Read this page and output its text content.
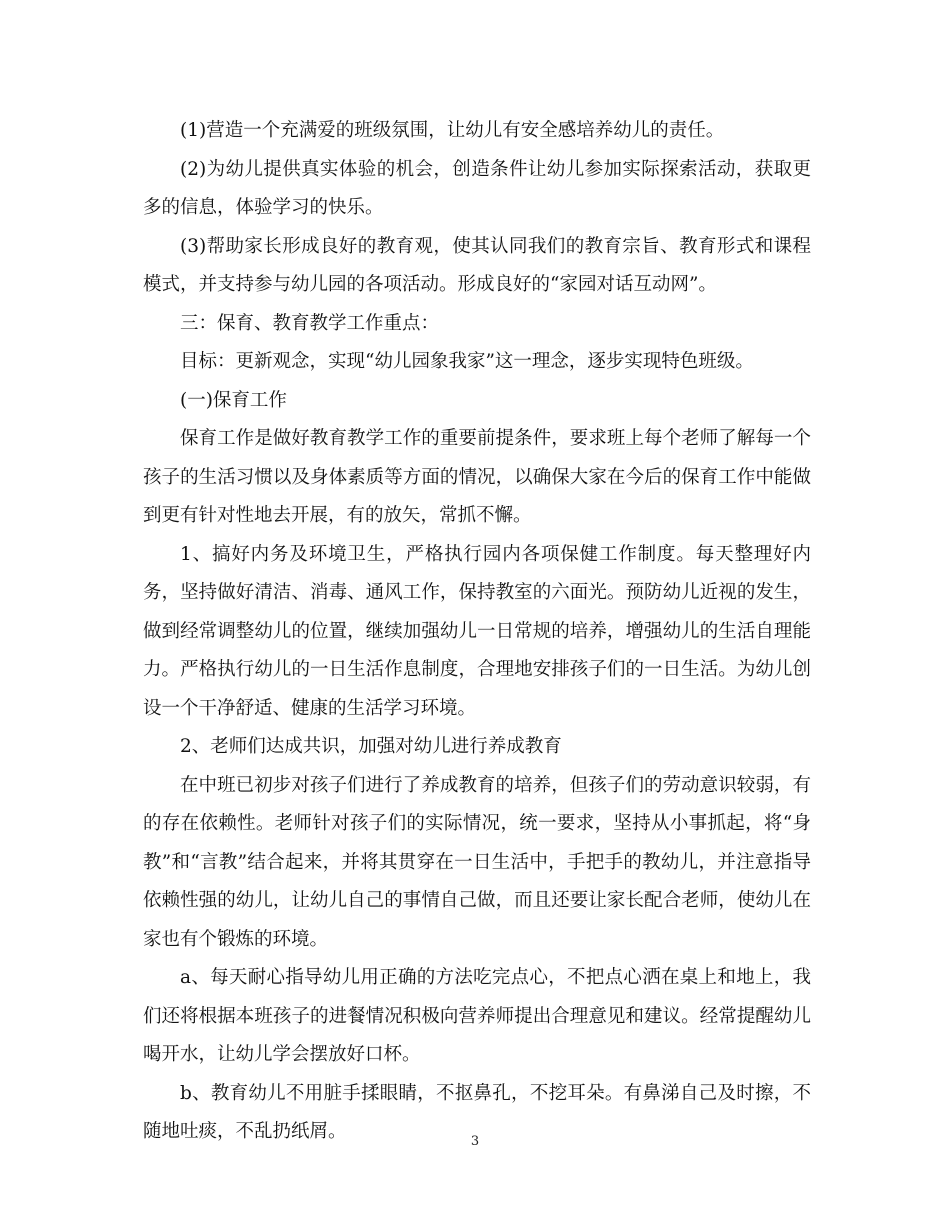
(1)营造一个充满爱的班级氛围，让幼儿有安全感培养幼儿的责任。

(2)为幼儿提供真实体验的机会，创造条件让幼儿参加实际探索活动，获取更多的信息，体验学习的快乐。

(3)帮助家长形成良好的教育观，使其认同我们的教育宗旨、教育形式和课程模式，并支持参与幼儿园的各项活动。形成良好的“家园对话互动网”。

三：保育、教育教学工作重点：

目标：更新观念，实现“幼儿园象我家”这一理念，逐步实现特色班级。

(一)保育工作

保育工作是做好教育教学工作的重要前提条件，要求班上每个老师了解每一个孩子的生活习惯以及身体素质等方面的情况，以确保大家在今后的保育工作中能做到更有针对性地去开展，有的放矢，常抓不懈。

1、搞好内务及环境卫生，严格执行园内各项保健工作制度。每天整理好内务，坚持做好清洁、消毒、通风工作，保持教室的六面光。预防幼儿近视的发生，做到经常调整幼儿的位置，继续加强幼儿一日常规的培养，增强幼儿的生活自理能力。严格执行幼儿的一日生活作息制度，合理地安排孩子们的一日生活。为幼儿创设一个干净舒适、健康的生活学习环境。

2、老师们达成共识，加强对幼儿进行养成教育

在中班已初步对孩子们进行了养成教育的培养，但孩子们的劳动意识较弱，有的存在依赖性。老师针对孩子们的实际情况，统一要求，坚持从小事抓起，将“身教”和“言教”结合起来，并将其贯穿在一日生活中，手把手的教幼儿，并注意指导依赖性强的幼儿，让幼儿自己的事情自己做，而且还要让家长配合老师，使幼儿在家也有个锻炼的环境。

a、每天耐心指导幼儿用正确的方法吃完点心，不把点心洒在桌上和地上，我们还将根据本班孩子的进餐情况积极向营养师提出合理意见和建议。经常提醒幼儿喝开水，让幼儿学会摆放好口杯。

b、教育幼儿不用脏手揉眼睛，不抠鼻孔，不挖耳朵。有鼻涕自己及时擦，不随地吐痰，不乱扔纸屑。	3
